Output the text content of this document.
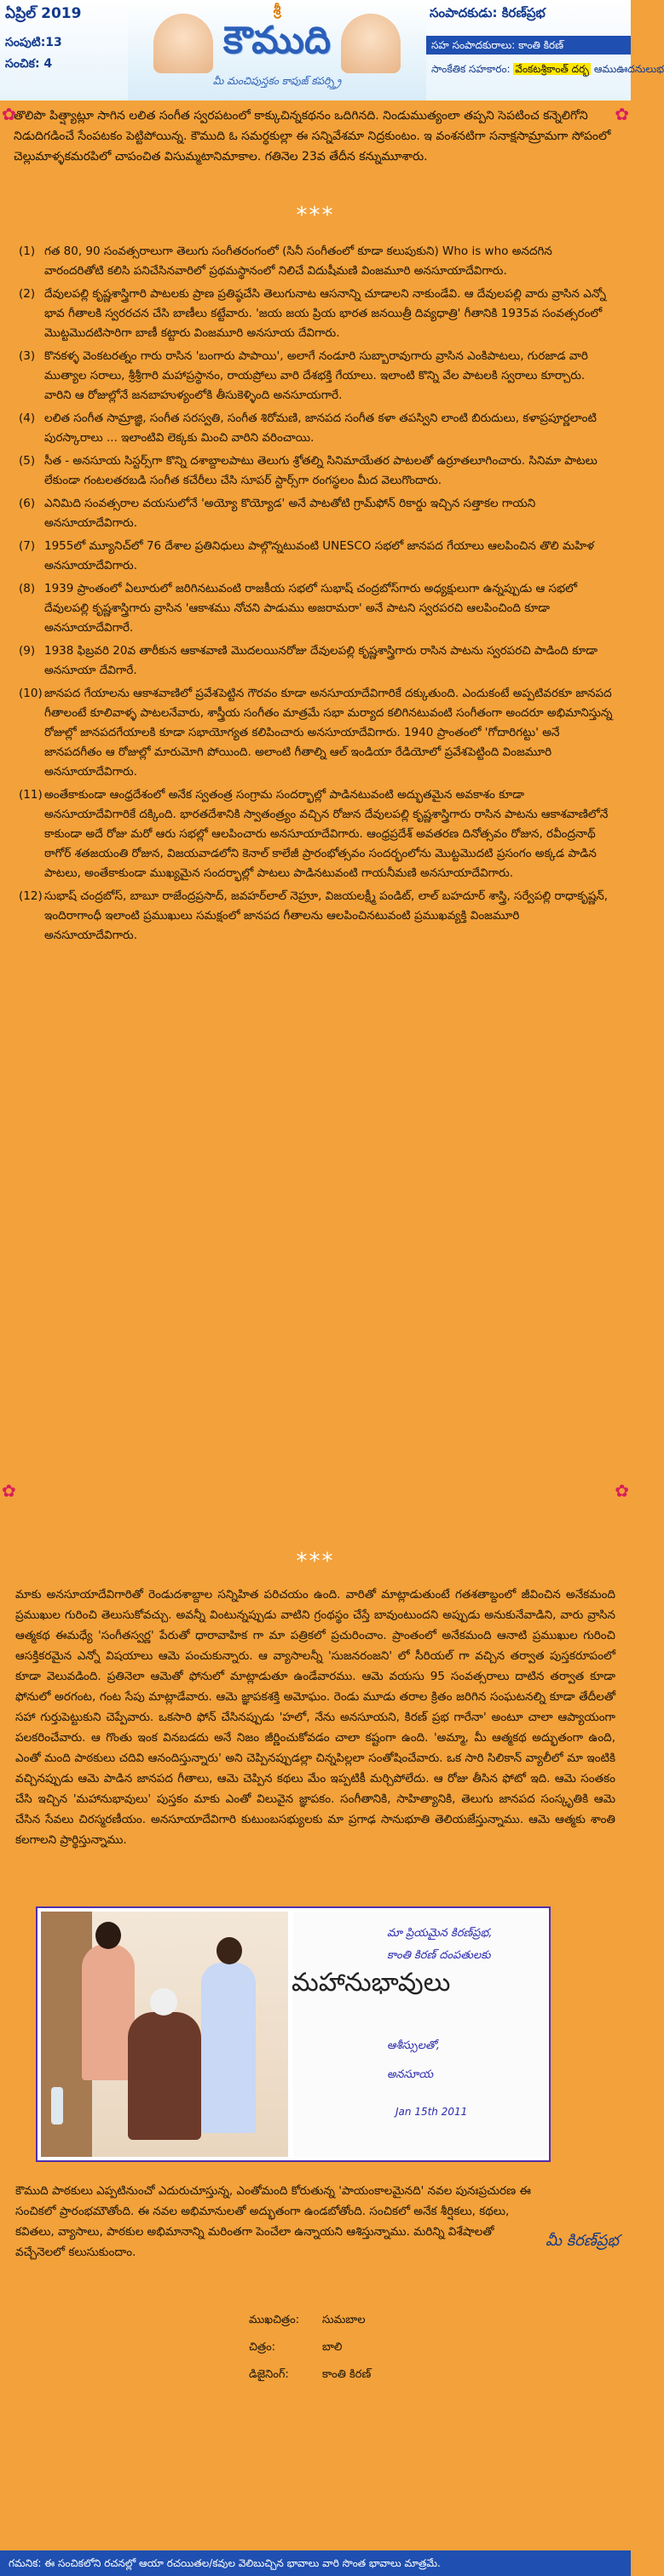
ఏప్రిల్ 2019
సంపుటి:13
సంచిక: 4
శ్రీ
కౌముది
మీ మంచిపుస్తకం కాపుజ్ కపర్స్త్రి
సంపాదకుడు: కిరణ్‌ప్రభ
సహ సంపాదకురాలు: కాంతి కిరణ్
సాంకేతిక సహకారం: వేంకటశ్రీకాంత్ దర్భ ఆముఊదనులుభ
✿	✿
తొలిపొ పిత్ష్యాట్లూ సాగిన లలిత సంగీత స్వరపటంలో కాక్కుచిన్నకథనం ఒదిగినది. నిండుముత్యంలా తప్పని సెపటించ కన్నెలిగోని నిడుదిగడించే సేంపటకం పెట్టిపోయిన్న. కౌముది ఓ సమర్థకుల్లా ఈ సన్నివేశమా నిద్రకుంటం. ఇ వంశనటిగా సనాక్షసామ్రామగా సోపంలో చెల్లుమాళ్ళకమరపిలో చాపంచిత విసుమ్మటానిమాకాల. గతినెల 23వ తేదీన కన్నుమూశారు.
***
(1) గత 80, 90 సంవత్సరాలుగా తెలుగు సంగీతరంగంలో (సినీ సంగీతంలో కూడా కలుపుకుని) Who is who అనదగిన వారందరితోటి కలిసి పనిచేసినవారిలో ప్రథమస్థానంలో నిలిచే విదుషీమణి వింజమూరి అనసూయాదేవిగారు.
(2) దేవులపల్లి కృష్ణశాస్త్రిగారి పాటలకు ప్రాణ ప్రతిష్ఠచేసి తెలుగునాట ఆసనాన్ని చూడాలని నాకుండేవి. ఆ దేవులపల్లి వారు వ్రాసిన ఎన్నో భావ గీతాలకి స్వరరచన చేసి బాణీలు కట్టేవారు. 'జయ జయ ప్రియ భారత జనయిత్రీ దివ్యధాత్రి' గీతానికి 1935వ సంవత్సరంలో మొట్టమొదటిసారిగా బాణీ కట్టారు వింజమూరి అనసూయ దేవిగారు.
(3) కొనకళ్ళ వెంకటరత్నం గారు రాసిన 'బంగారు పాపాయి', అలాగే నండూరి సుబ్బారావుగారు వ్రాసిన ఎంకిపాటలు, గురజాడ వారి ముత్యాల సరాలు, శ్రీశ్రీగారి మహాప్రస్థానం, రాయప్రోలు వారి దేశభక్తి గేయాలు. ఇలాంటి కొన్ని వేల పాటలకి స్వరాలు కూర్చారు. వారిని ఆ రోజుల్లోనే జనబాహుళ్యంలోకి తీసుకెళ్ళింది అనసూయగారే.
(4) లలిత సంగీత సామ్రాజ్ఞి, సంగీత సరస్వతి, సంగీత శిరోమణి, జానపద సంగీత కళా తపస్విని లాంటి బిరుదులు, కళాప్రపూర్ణలాంటి పురస్కారాలు ... ఇలాంటివి లెక్కకు మించి వారిని వరించాయి.
(5) సీత - అనసూయ సిస్టర్స్‌గా కొన్ని దశాబ్దాలపాటు తెలుగు శ్రోతల్ని సినిమాయేతర పాటలతో ఉర్రూతలూగించారు. సినిమా పాటలు లేకుండా గంటలతరబడి సంగీత కచేరీలు చేసి సూపర్ స్టార్స్‌గా రంగస్థలం మీద వెలుగొందారు.
(6) ఎనిమిది సంవత్సరాల వయసులోనే 'అయ్యో కొయ్యోడ' అనే పాటతోటి గ్రామ్‌ఫోన్ రికార్డు ఇచ్చిన సత్తాకల గాయని అనసూయాదేవిగారు.
(7) 1955లో మ్యూనిచ్‌లో 76 దేశాల ప్రతినిధులు పాల్గొన్నటువంటి UNESCO సభలో జానపద గేయాలు ఆలపించిన తొలి మహిళ అనసూయాదేవిగారు.
(8) 1939 ప్రాంతంలో ఏలూరులో జరిగినటువంటి రాజకీయ సభలో సుభాష్ చంద్రబోస్‌గారు అధ్యక్షులుగా ఉన్నప్పుడు ఆ సభలో దేవులపల్లి కృష్ణశాస్త్రిగారు వ్రాసిన 'ఆకాశము నోచని పాడుము అజరామరా' అనే పాటని స్వరపరచి ఆలపించింది కూడా అనసూయాదేవిగారే.
(9) 1938 ఫిబ్రవరి 20వ తారీకున ఆకాశవాణి మొదలయినరోజు దేవులపల్లి కృష్ణశాస్త్రిగారు రాసిన పాటను స్వరపరచి పాడింది కూడా అనసూయా దేవిగారే.
(10) జానపద గేయాలను ఆకాశవాణిలో ప్రవేశపెట్టిన గౌరవం కూడా అనసూయాదేవిగారికే దక్కుతుంది. ఎందుకంటే అప్పటివరకూ జానపద గీతాలంటే కూలివాళ్ళ పాటలనేవారు, శాస్త్రీయ సంగీతం మాత్రమే సభా మర్యాద కలిగినటువంటి సంగీతంగా అందరూ అభిమానిస్తున్న రోజుల్లో జానపదగేయాలకి కూడా సభాయోగ్యత కలిపించారు అనసూయాదేవిగారు. 1940 ప్రాంతంలో 'గోదారిగట్టు' అనే జానపదగీతం ఆ రోజుల్లో మారుమోగి పోయింది. అలాంటి గీతాల్ని ఆల్ ఇండియా రేడియోలో ప్రవేశపెట్టింది వింజమూరి అనసూయాదేవిగారు.
(11) అంతేకాకుండా ఆంధ్రదేశంలో అనేక స్వతంత్ర సంగ్రామ సందర్భాల్లో పాడినటువంటి అద్భుతమైన అవకాశం కూడా అనసూయాదేవిగారికే దక్కింది. భారతదేశానికి స్వాతంత్ర్యం వచ్చిన రోజున దేవులపల్లి కృష్ణశాస్త్రిగారు రాసిన పాటను ఆకాశవాణిలోనే కాకుండా అదే రోజు మరో ఆరు సభల్లో ఆలపించారు అనసూయాదేవిగారు. ఆంధ్రప్రదేశ్ అవతరణ దినోత్సవం రోజున, రవీంద్రనాథ్ ఠాగోర్ శతజయంతి రోజున, విజయవాడలోని కెనాల్ కాలేజీ ప్రారంభోత్సవం సందర్భంలోను మొట్టమొదటి ప్రసంగం అక్కడ పాడిన పాటలు, అంతేకాకుండా ముఖ్యమైన సందర్భాల్లో పాటలు పాడినటువంటి గాయనీమణి అనసూయాదేవిగారు.
(12) సుభాష్ చంద్రబోస్, బాబూ రాజేంద్రప్రసాద్, జవహర్‌లాల్ నెహ్రూ, విజయలక్ష్మీ పండిట్, లాల్ బహదూర్ శాస్త్రి, సర్వేపల్లి రాధాకృష్ణన్, ఇందిరాగాంధీ ఇలాంటి ప్రముఖులు సమక్షంలో జానపద గీతాలను ఆలపించినటువంటి ప్రముఖవ్యక్తి వింజమూరి అనసూయాదేవిగారు.
✿	✿
***
మాకు అనసూయాదేవిగారితో రెండుదశాబ్దాల సన్నిహిత పరిచయం ఉంది. వారితో మాట్లాడుతుంటే గతశతాబ్దంలో జీవించిన అనేకమంది ప్రముఖుల గురించి తెలుసుకోవచ్చు. అవన్నీ వింటున్నప్పుడు వాటిని గ్రంథస్థం చేస్తే బావుంటుందని అప్పుడు అనుకునేవాడిని, వారు వ్రాసిన ఆత్మకథ ఈమధ్యే 'సంగీతస్వర్ణ' పేరుతో ధారావాహిక గా మా పత్రికలో ప్రచురించాం. ప్రాంతంలో అనేకమంది ఆనాటి ప్రముఖుల గురించి ఆసక్తికరమైన ఎన్నో విషయాలు ఆమె పంచుకున్నారు. ఆ వ్యాసాలన్నీ 'సుజనరంజని' లో సీరియల్ గా వచ్చిన తర్వాత పుస్తకరూపంలో కూడా వెలువడింది. ప్రతినెలా ఆమెతో ఫోనులో మాట్లాడుతూ ఉండేవారము. ఆమె వయసు 95 సంవత్సరాలు దాటిన తర్వాత కూడా ఫోనులో అరగంట, గంట సేపు మాట్లాడేవారు. ఆమె జ్ఞాపకశక్తి అమోఘం. రెండు మూడు తరాల క్రితం జరిగిన సంఘటనల్ని కూడా తేదీలతో సహా గుర్తుపెట్టుకుని చెప్పేవారు. ఒకసారి ఫోన్ చేసినప్పుడు 'హలో, నేను అనసూయని, కిరణ్ ప్రభ గారేనా' అంటూ చాలా ఆప్యాయంగా పలకరించేవారు. ఆ గొంతు ఇంక వినబడదు అనే నిజం జీర్ణించుకోవడం చాలా కష్టంగా ఉంది. 'అమ్మా, మీ ఆత్మకథ అద్భుతంగా ఉంది, ఎంతో మంది పాఠకులు చదివి ఆనందిస్తున్నారు' అని చెప్పినప్పుడల్లా చిన్నపిల్లలా సంతోషించేవారు. ఒక సారి సిలికాన్ వ్యాలీలో మా ఇంటికి వచ్చినప్పుడు ఆమె పాడిన జానపద గీతాలు, ఆమె చెప్పిన కథలు మేం ఇప్పటికీ మర్చిపోలేదు. ఆ రోజు తీసిన ఫోటో ఇది. ఆమె సంతకం చేసి ఇచ్చిన 'మహానుభావులు' పుస్తకం మాకు ఎంతో విలువైన జ్ఞాపకం. సంగీతానికి, సాహిత్యానికి, తెలుగు జానపద సంస్కృతికి ఆమె చేసిన సేవలు చిరస్మరణీయం. అనసూయాదేవిగారి కుటుంబసభ్యులకు మా ప్రగాఢ సానుభూతి తెలియజేస్తున్నాము. ఆమె ఆత్మకు శాంతి కలగాలని ప్రార్థిస్తున్నాము.
మహానుభావులు
మా ప్రియమైన కిరణ్‌ప్రభ,
కాంతి కిరణ్ దంపతులకు
ఆశీస్సులతో,
అనసూయ
Jan 15th 2011
కౌముది పాఠకులు ఎప్పటినుంచో ఎదురుచూస్తున్న, ఎంతోమంది కోరుతున్న 'పాయంకాలమైనది' నవల పునఃప్రచురణ ఈ సంచికలో ప్రారంభమౌతోంది. ఈ నవల అభిమానులతో అద్భుతంగా ఉండబోతోంది. సంచికలో అనేక శీర్షికలు, కథలు, కవితలు, వ్యాసాలు, పాఠకుల అభిమానాన్ని మరింతగా పెంచేలా ఉన్నాయని ఆశిస్తున్నాము. మరిన్ని విశేషాలతో వచ్చేనెలలో కలుసుకుందాం.
మీ కిరణ్‌ప్రభ
ముఖచిత్రం: సుమబాల
చిత్రం:	బాలి
డిజైనింగ్:	కాంతి కిరణ్
గమనిక: ఈ సంచికలోని రచనల్లో ఆయా రచయితల/కవుల వెలిబుచ్చిన భావాలు వారి సొంత భావాలు మాత్రమే.
